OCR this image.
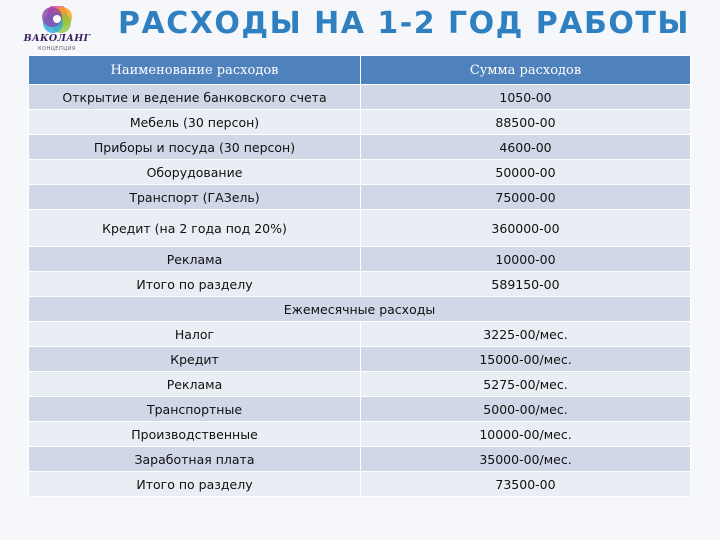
ВАКОЛАНГ
КОНЦЕПЦИЯ
РАСХОДЫ НА 1-2 ГОД РАБОТЫ
Наименование расходов	Сумма расходов
Открытие и ведение банковского счета	1050-00
Мебель (30 персон)	88500-00
Приборы и посуда (30 персон)	4600-00
Оборудование	50000-00
Транспорт (ГАЗель)	75000-00
Кредит (на 2 года под 20%)	360000-00
Реклама	10000-00
Итого по разделу	589150-00
Ежемесячные расходы	
Налог	3225-00/мес.
Кредит	15000-00/мес.
Реклама	5275-00/мес.
Транспортные	5000-00/мес.
Производственные	10000-00/мес.
Заработная плата	35000-00/мес.
Итого по разделу	73500-00
